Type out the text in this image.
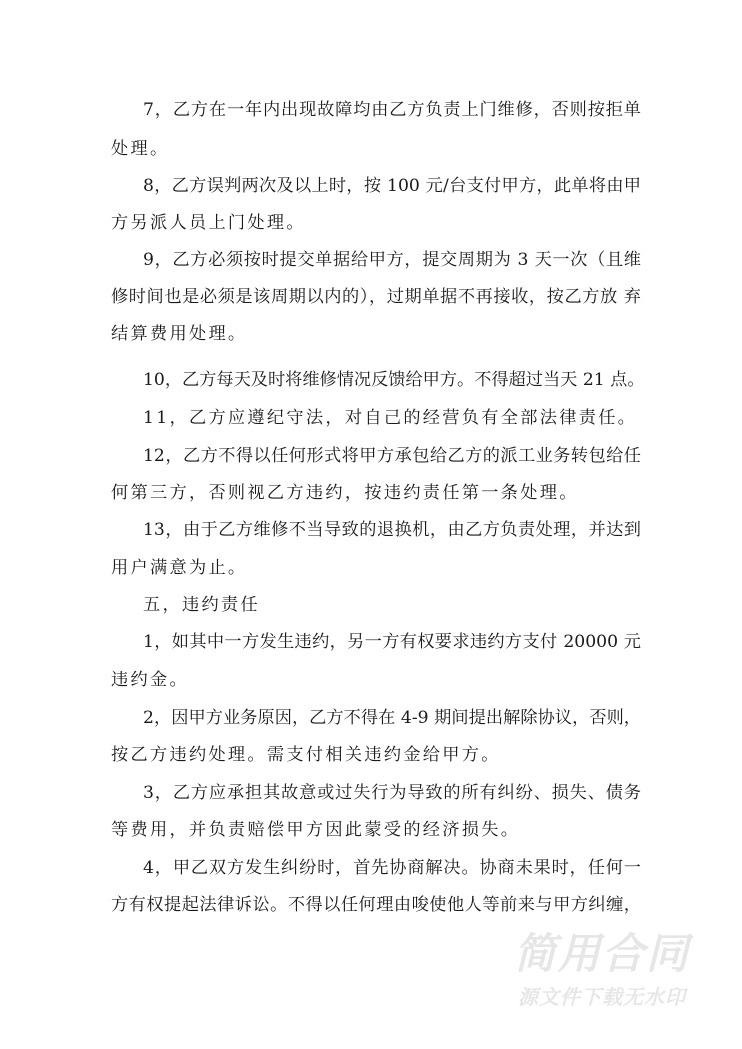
7，乙方在一年内出现故障均由乙方负责上门维修，否则按拒单
处理。
8，乙方误判两次及以上时，按 100 元/台支付甲方，此单将由甲
方另派人员上门处理。
9，乙方必须按时提交单据给甲方，提交周期为 3 天一次（且维
修时间也是必须是该周期以内的），过期单据不再接收，按乙方放 弃
结算费用处理。
10，乙方每天及时将维修情况反馈给甲方。不得超过当天 21 点。
11，乙方应遵纪守法，对自己的经营负有全部法律责任。
12，乙方不得以任何形式将甲方承包给乙方的派工业务转包给任
何第三方，否则视乙方违约，按违约责任第一条处理。
13，由于乙方维修不当导致的退换机，由乙方负责处理，并达到
用户满意为止。
五，违约责任
1，如其中一方发生违约，另一方有权要求违约方支付 20000 元
违约金。
2，因甲方业务原因，乙方不得在 4-9 期间提出解除协议，否则，
按乙方违约处理。需支付相关违约金给甲方。
3，乙方应承担其故意或过失行为导致的所有纠纷、损失、债务
等费用，并负责赔偿甲方因此蒙受的经济损失。
4，甲乙双方发生纠纷时，首先协商解决。协商未果时，任何一
方有权提起法律诉讼。不得以任何理由唆使他人等前来与甲方纠缠，
简用合同
源文件下载无水印
